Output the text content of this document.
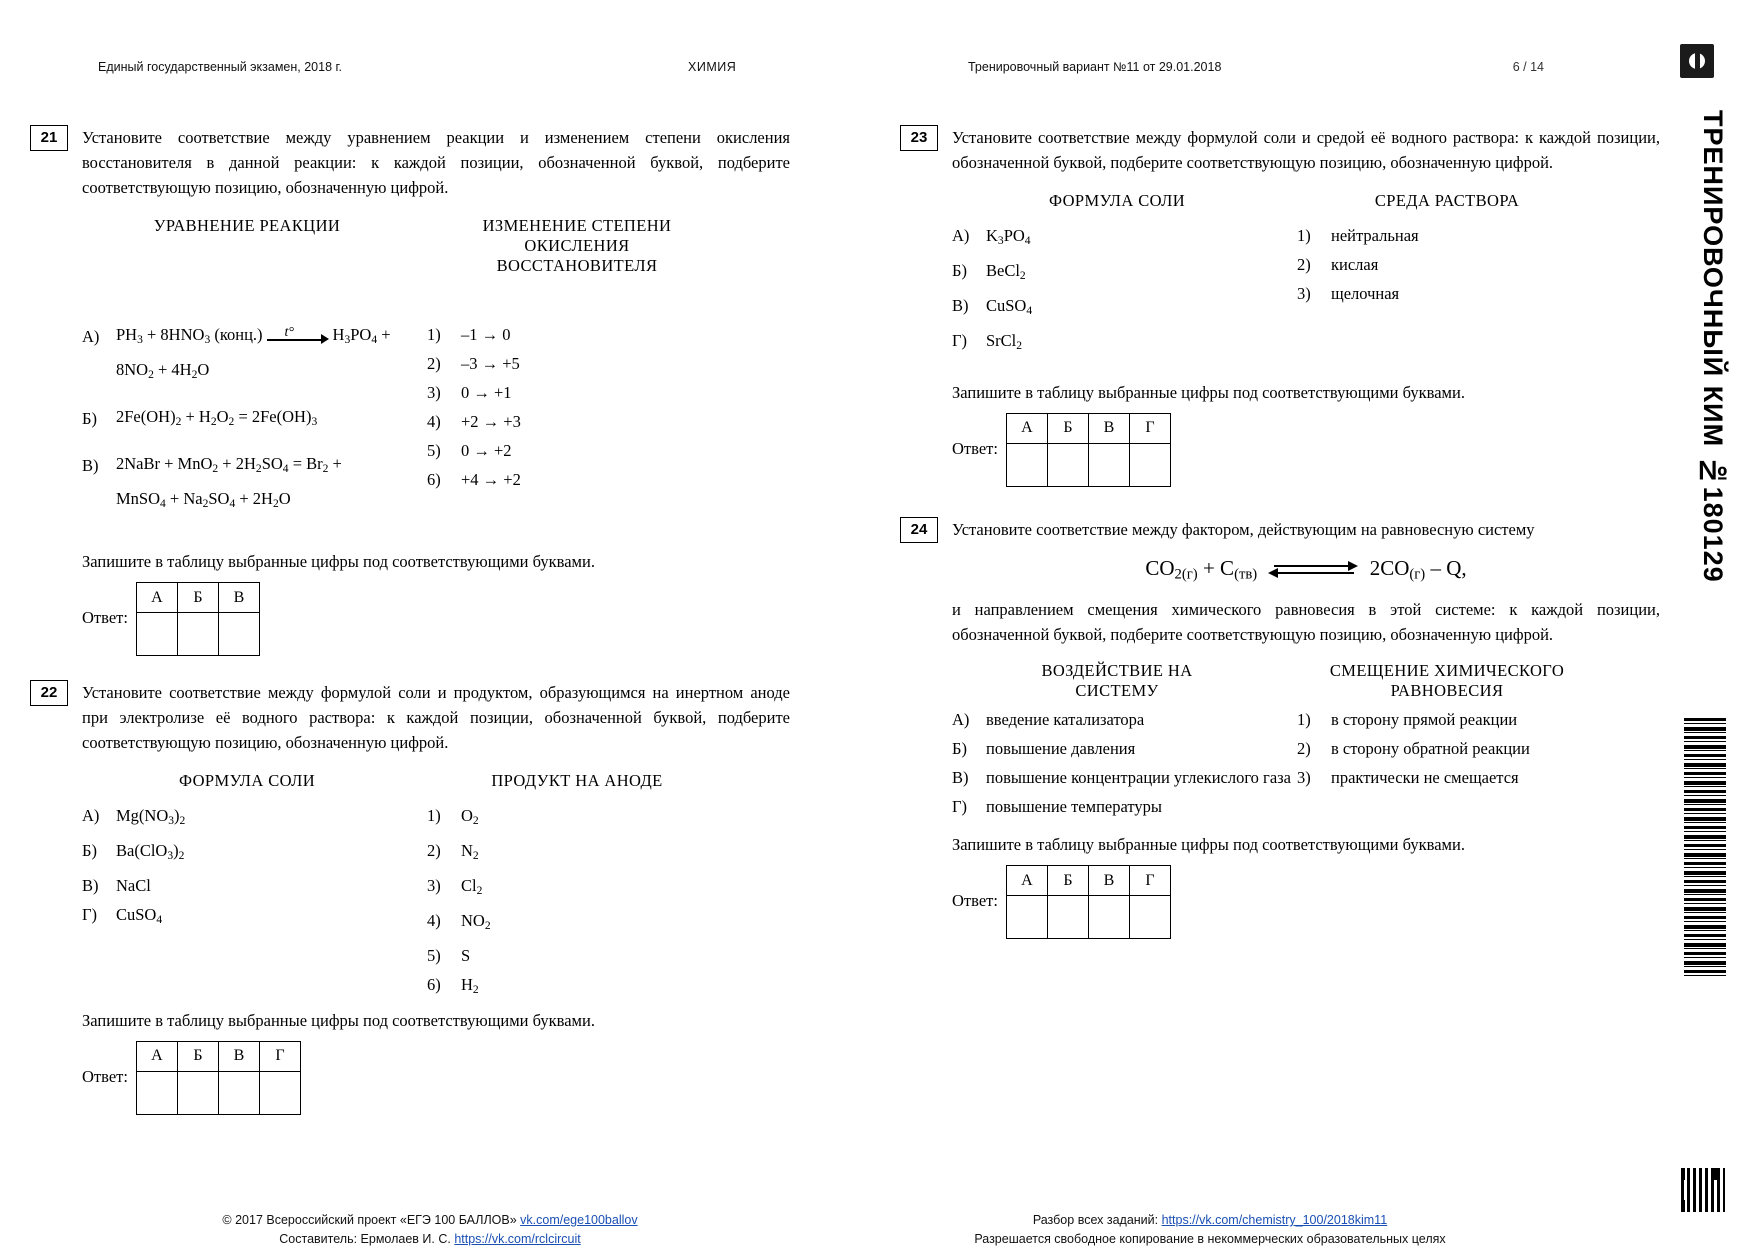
Единый государственный экзамен, 2018 г.	ХИМИЯ	Тренировочный вариант №11 от 29.01.2018	6 / 14
ТРЕНИРОВОЧНЫЙ КИМ №180129
21	Установите соответствие между уравнением реакции и изменением степени окисления восстановителя в данной реакции: к каждой позиции, обозначенной буквой, подберите соответствующую позицию, обозначенную цифрой.
УРАВНЕНИЕ РЕАКЦИИ	ИЗМЕНЕНИЕ СТЕПЕНИ
ОКИСЛЕНИЯ
ВОССТАНОВИТЕЛЯ
А)	$PH_3 + 8HNO_3$ (конц.) t° $H_3PO_4$ +
$8NO_2 + 4H_2O$
Б)	$2Fe(OH)_2 + H_2O_2 = 2Fe(OH)_3$
В)	2NaBr + $MnO_2 + 2H_2SO_4 = Br_2$ +
MnSO$_4$ + $Na_2SO_4 + 2H_2O$
1)	–1 → 0
2)	–3 → +5
3)	0 → +1
4)	+2 → +3
5)	0 → +2
6)	+4 → +2
Запишите в таблицу выбранные цифры под соответствующими буквами.
Ответ:
А	Б	В

22	Установите соответствие между формулой соли и продуктом, образующимся на инертном аноде при электролизе её водного раствора: к каждой позиции, обозначенной буквой, подберите соответствующую позицию, обозначенную цифрой.
ФОРМУЛА СОЛИ	ПРОДУКТ НА АНОДЕ
А)	$Mg(NO_3)_2$
Б)	$Ba(ClO_3)_2$
В)	NaCl
Г)	CuSO$_4$
1)	$O_2$
2)	$N_2$
3)	$Cl_2$
4)	$NO_2$
5)	S
6)	$H_2$
Запишите в таблицу выбранные цифры под соответствующими буквами.
Ответ:
А	Б	В	Г

23	Установите соответствие между формулой соли и средой её водного раствора: к каждой позиции, обозначенной буквой, подберите соответствующую позицию, обозначенную цифрой.
ФОРМУЛА СОЛИ	СРЕДА РАСТВОРА
А)	$K_3PO_4$
Б)	BeCl$_2$
В)	CuSO$_4$
Г)	SrCl$_2$
1)	нейтральная
2)	кислая
3)	щелочная
Запишите в таблицу выбранные цифры под соответствующими буквами.
Ответ:
А	Б	В	Г

24	Установите соответствие между фактором, действующим на равновесную систему
$CO_{2(г)} + C_{(тв)}$	$2CO_{(г)}$ – Q,
и направлением смещения химического равновесия в этой системе: к каждой позиции, обозначенной буквой, подберите соответствующую позицию, обозначенную цифрой.
ВОЗДЕЙСТВИЕ НА
СИСТЕМУ
СМЕЩЕНИЕ ХИМИЧЕСКОГО
РАВНОВЕСИЯ
А)	введение катализатора
Б)	повышение давления
В)	повышение концентрации углекислого газа
Г)	повышение температуры
1)	в сторону прямой реакции
2)	в сторону обратной реакции
3)	практически не смещается
Запишите в таблицу выбранные цифры под соответствующими буквами.
Ответ:
А	Б	В	Г

© 2017 Всероссийский проект «ЕГЭ 100 БАЛЛОВ» vk.com/ege100ballov
Составитель: Ермолаев И. С. https://vk.com/rclcircuit
Разбор всех заданий: https://vk.com/chemistry_100/2018kim11
Разрешается свободное копирование в некоммерческих образовательных целях
